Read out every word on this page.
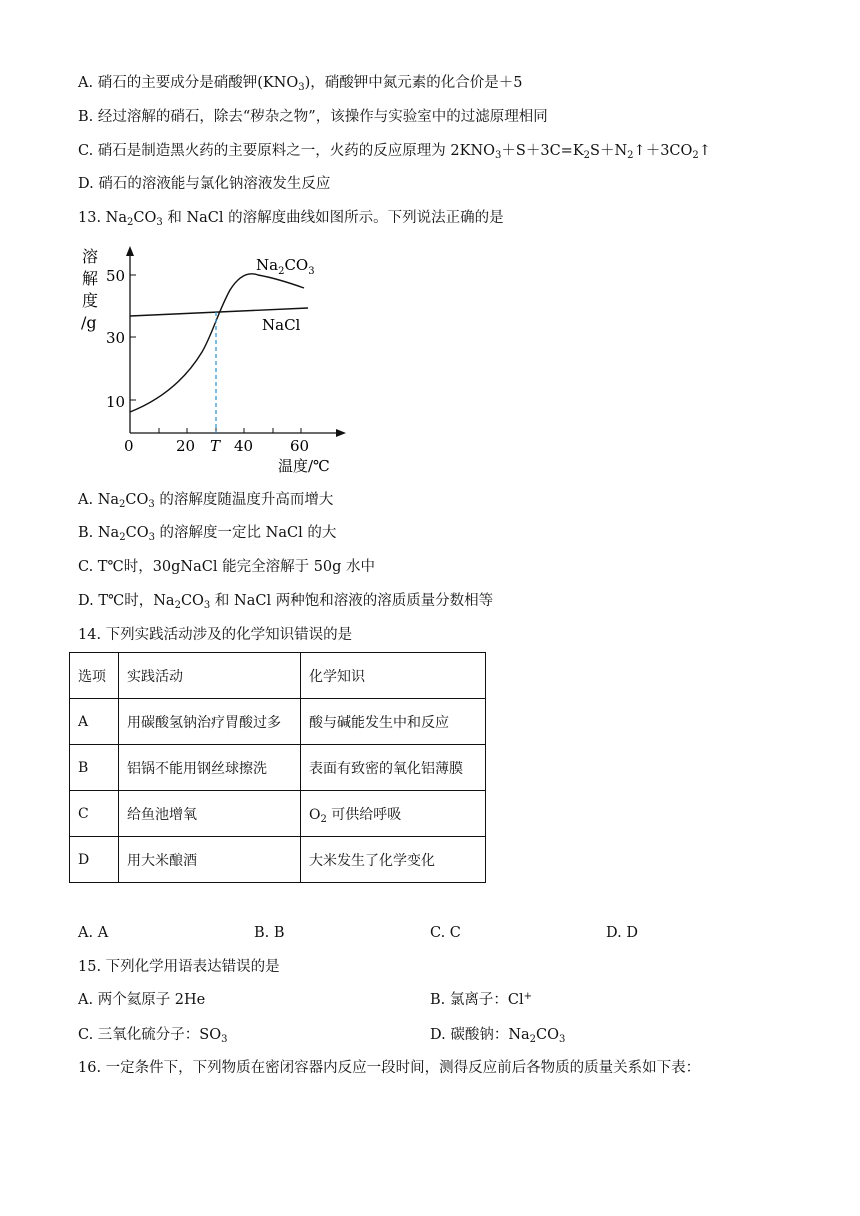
A. 硝石的主要成分是硝酸钾$(KNO_3)$，硝酸钾中氮元素的化合价是＋5
B. 经过溶解的硝石，除去“秽杂之物”，该操作与实验室中的过滤原理相同
C. 硝石是制造黑火药的主要原料之一，火药的反应原理为 $2KNO_3+S+3C=K_2S+N_2↑+3CO_2↑$
D. 硝石的溶液能与氯化钠溶液发生反应
13. $Na_2CO_3$ 和 NaCl 的溶解度曲线如图所示。下列说法正确的是
溶
解
度
/g
50
30
10
0	20 T 40 60
温度/℃
$Na_2CO_3$
NaCl
A. $Na_2CO_3$ 的溶解度随温度升高而增大
B. $Na_2CO_3$ 的溶解度一定比 NaCl 的大
C. T℃时，30gNaCl 能完全溶解于 50g 水中
D. T℃时，$Na_2CO_3$ 和 NaCl 两种饱和溶液的溶质质量分数相等
14. 下列实践活动涉及的化学知识错误的是
选项	实践活动	化学知识
A	用碳酸氢钠治疗胃酸过多	酸与碱能发生中和反应
B	铝锅不能用钢丝球擦洗	表面有致密的氧化铝薄膜
C	给鱼池增氧	$O_2$ 可供给呼吸
D	用大米酿酒	大米发生了化学变化
A. A	B. B	C. C	D. D
15. 下列化学用语表达错误的是
A. 两个氦原子 2He	B. 氯离子：Cl+
C. 三氧化硫分子：$SO_3$	D. 碳酸钠：$Na_2CO_3$
16. 一定条件下，下列物质在密闭容器内反应一段时间，测得反应前后各物质的质量关系如下表：
